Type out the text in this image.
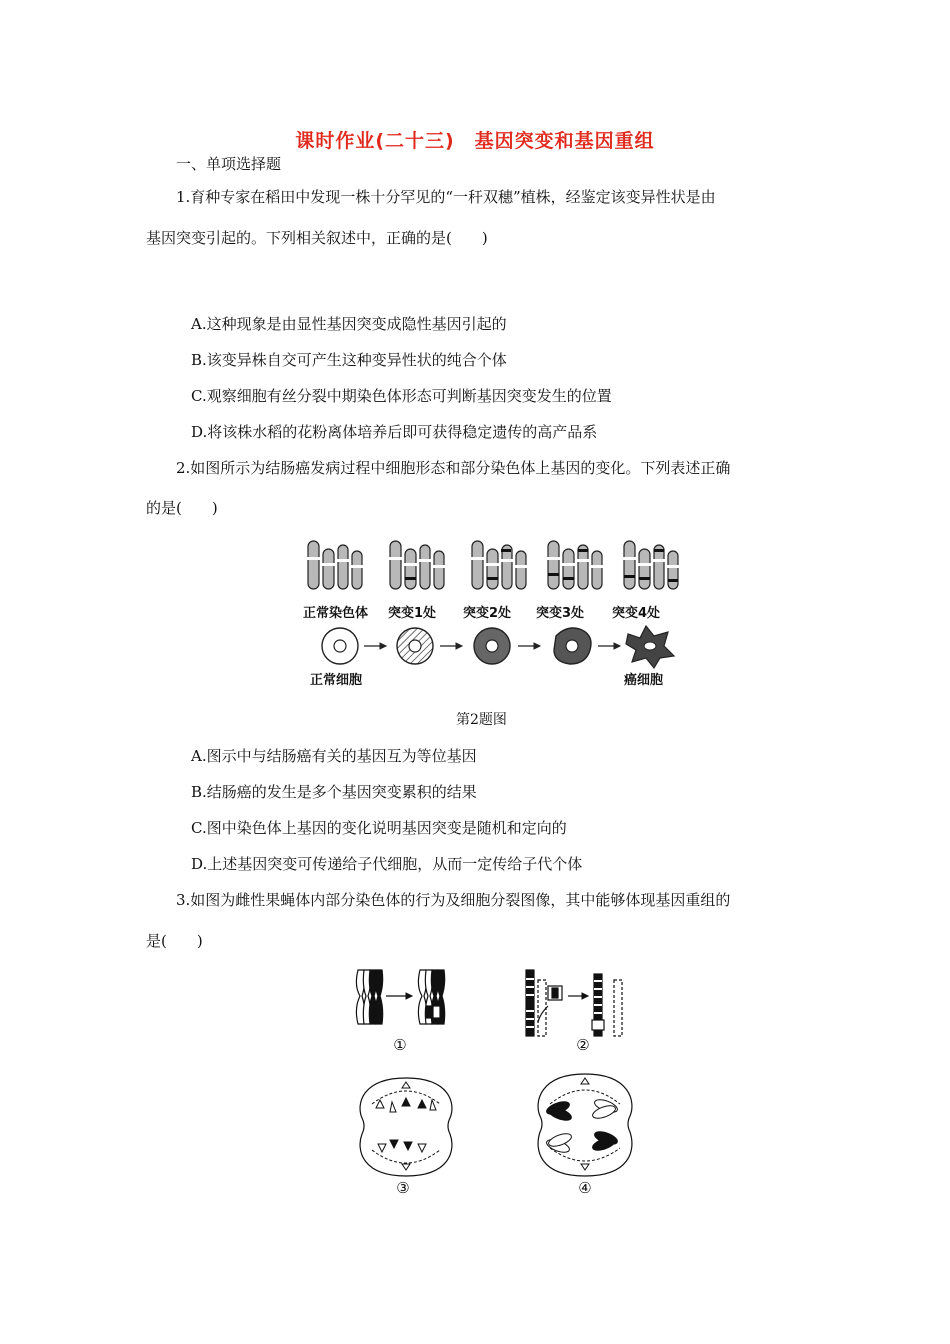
课时作业(二十三)　基因突变和基因重组
一、单项选择题
1.育种专家在稻田中发现一株十分罕见的“一秆双穗”植株，经鉴定该变异性状是由
基因突变引起的。下列相关叙述中，正确的是(　　)
A.这种现象是由显性基因突变成隐性基因引起的
B.该变异株自交可产生这种变异性状的纯合个体
C.观察细胞有丝分裂中期染色体形态可判断基因突变发生的位置
D.将该株水稻的花粉离体培养后即可获得稳定遗传的高产品系
2.如图所示为结肠癌发病过程中细胞形态和部分染色体上基因的变化。下列表述正确
的是(　　)
正常染色体 突变1处 突变2处 突变3处 突变4处
正常细胞	癌细胞
第2题图
A.图示中与结肠癌有关的基因互为等位基因
B.结肠癌的发生是多个基因突变累积的结果
C.图中染色体上基因的变化说明基因突变是随机和定向的
D.上述基因突变可传递给子代细胞，从而一定传给子代个体
3.如图为雌性果蝇体内部分染色体的行为及细胞分裂图像，其中能够体现基因重组的
是(　　)
①	②
③	④
